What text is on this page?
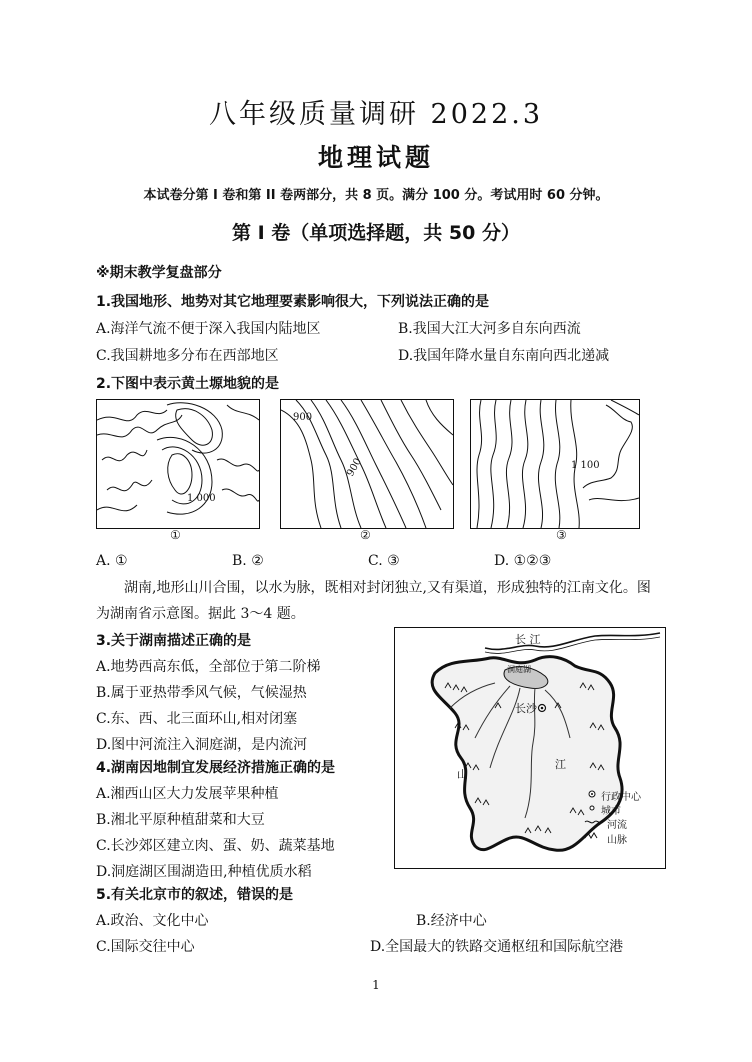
八年级质量调研 2022.3
地理试题
本试卷分第 I 卷和第 II 卷两部分，共 8 页。满分 100 分。考试用时 60 分钟。
第 I 卷（单项选择题，共 50 分）
※期末教学复盘部分
1.我国地形、地势对其它地理要素影响很大，下列说法正确的是
A.海洋气流不便于深入我国内陆地区	B.我国大江大河多自东向西流
C.我国耕地多分布在西部地区	D.我国年降水量自东南向西北递减
2.下图中表示黄土塬地貌的是
1 000
①
900
900
②
1 100
③
A. ①	B. ②	C. ③	D. ①②③
湖南,地形山川合围，以水为脉，既相对封闭独立,又有渠道，形成独特的江南文化。图为湖南省示意图。据此 3～4 题。
3.关于湖南描述正确的是
A.地势西高东低，全部位于第二阶梯
B.属于亚热带季风气候，气候湿热
C.东、西、北三面环山,相对闭塞
D.图中河流注入洞庭湖，是内流河
4.湖南因地制宜发展经济措施正确的是
A.湘西山区大力发展苹果种植
B.湘北平原种植甜菜和大豆
C.长沙郊区建立肉、蛋、奶、蔬菜基地
D.洞庭湖区围湖造田,种植优质水稻
5.有关北京市的叙述，错误的是
A.政治、文化中心	B.经济中心
C.国际交往中心	D.全国最大的铁路交通枢纽和国际航空港
长 江
洞庭湖
长沙
山
江
行政中心
城市
河流
山脉
1
